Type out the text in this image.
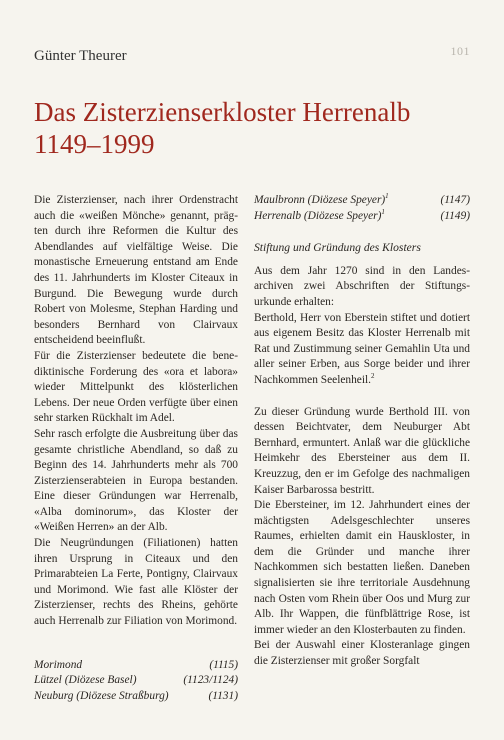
101
Günter Theurer
Das Zisterzienserkloster Herrenalb
1149–1999

Die Zisterzienser, nach ihrer Ordenstracht auch die «weißen Mönche» genannt, prägten durch ihre Reformen die Kultur des Abendlandes auf vielfältige Weise. Die monastische Erneuerung entstand am Ende des 11. Jahrhunderts im Kloster Citeaux in Burgund. Die Bewegung wurde durch Robert von Molesme, Stephan Harding und besonders Bernhard von Clairvaux entscheidend beeinflußt.

Für die Zisterzienser bedeutete die benediktinische Forderung des «ora et labora» wieder Mittelpunkt des klösterlichen Lebens. Der neue Orden verfügte über einen sehr starken Rückhalt im Adel.

Sehr rasch erfolgte die Ausbreitung über das gesamte christliche Abendland, so daß zu Beginn des 14. Jahrhunderts mehr als 700 Zisterzienserabteien in Europa bestanden. Eine dieser Gründungen war Herrenalb, «Alba dominorum», das Kloster der «Weißen Herren» an der Alb.

Die Neugründungen (Filiationen) hatten ihren Ursprung in Citeaux und den Primarabteien La Ferte, Pontigny, Clairvaux und Morimond. Wie fast alle Klöster der Zisterzienser, rechts des Rheins, gehörte auch Herrenalb zur Filiation von Morimond.

Morimond	(1115)
Lützel (Diözese Basel)	(1123/1124)
Neuburg (Diözese Straßburg)	(1131)
Maulbronn (Diözese Speyer)$^1$	(1147)
Herrenalb (Diözese Speyer)$^1$	(1149)
Stiftung und Gründung des Klosters

Aus dem Jahr 1270 sind in den Landesarchiven zwei Abschriften der Stiftungsurkunde erhalten:

Berthold, Herr von Eberstein stiftet und dotiert aus eigenem Besitz das Kloster Herrenalb mit Rat und Zustimmung seiner Gemahlin Uta und aller seiner Erben, aus Sorge beider und ihrer Nachkommen Seelenheil.$^2$

Zu dieser Gründung wurde Berthold III. von dessen Beichtvater, dem Neuburger Abt Bernhard, ermuntert. Anlaß war die glückliche Heimkehr des Ebersteiner aus dem II. Kreuzzug, den er im Gefolge des nachmaligen Kaiser Barbarossa bestritt.

Die Ebersteiner, im 12. Jahrhundert eines der mächtigsten Adelsgeschlechter unseres Raumes, erhielten damit ein Hauskloster, in dem die Gründer und manche ihrer Nachkommen sich bestatten ließen. Daneben signalisierten sie ihre territoriale Ausdehnung nach Osten vom Rhein über Oos und Murg zur Alb. Ihr Wappen, die fünfblättrige Rose, ist immer wieder an den Klosterbauten zu finden.

Bei der Auswahl einer Klosteranlage gingen die Zisterzienser mit großer Sorgfalt
